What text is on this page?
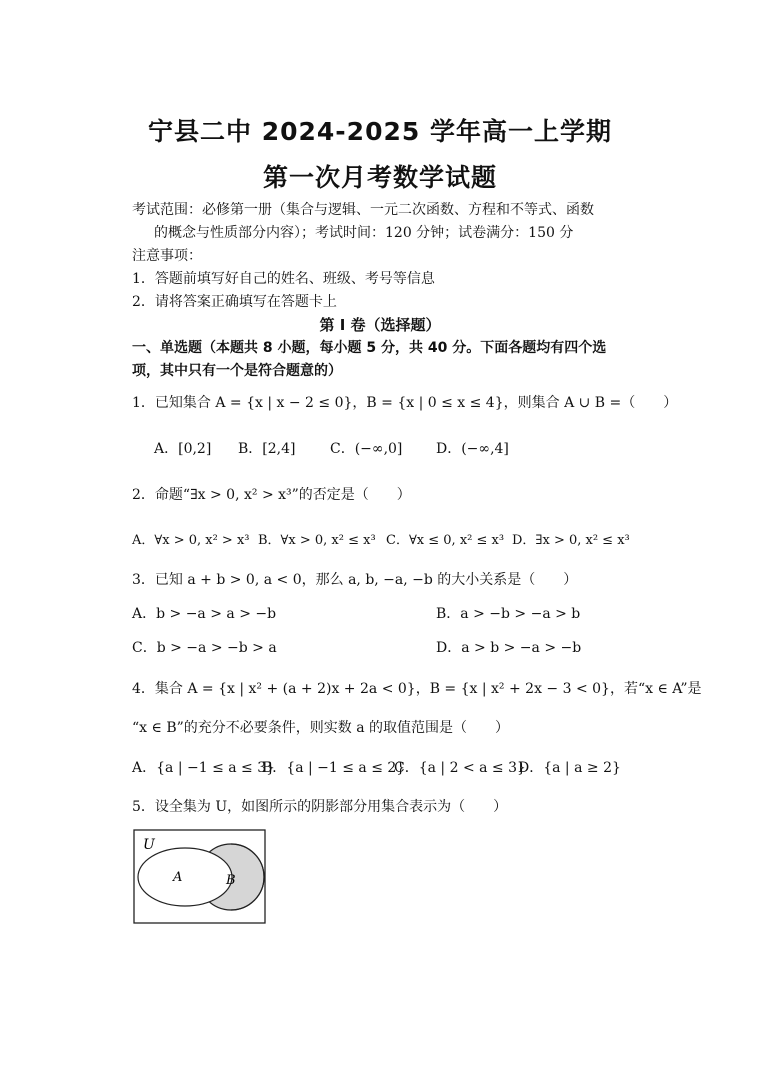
宁县二中 2024-2025 学年高一上学期
第一次月考数学试题
考试范围：必修第一册（集合与逻辑、一元二次函数、方程和不等式、函数
的概念与性质部分内容）；考试时间：120 分钟；试卷满分：150 分
注意事项：
1．答题前填写好自己的姓名、班级、考号等信息
2．请将答案正确填写在答题卡上
第 I 卷（选择题）
一、单选题（本题共 8 小题，每小题 5 分，共 40 分。下面各题均有四个选
项，其中只有一个是符合题意的）
1．已知集合 A = {x | x − 2 ≤ 0}，B = {x | 0 ≤ x ≤ 4}，则集合 A ∪ B =（　　）
A．[0,2] B．[2,4] C．(−∞,0] D．(−∞,4]
2．命题“∃x > 0, x² > x³”的否定是（　　）
A．∀x > 0, x² > x³ B．∀x > 0, x² ≤ x³ C．∀x ≤ 0, x² ≤ x³ D．∃x > 0, x² ≤ x³
3．已知 a + b > 0, a < 0，那么 a, b, −a, −b 的大小关系是（　　）
A．b > −a > a > −b	B．a > −b > −a > b
C．b > −a > −b > a	D．a > b > −a > −b
4．集合 A = {x | x² + (a + 2)x + 2a < 0}，B = {x | x² + 2x − 3 < 0}，若“x ∈ A”是
“x ∈ B”的充分不必要条件，则实数 a 的取值范围是（　　）
A．{a | −1 ≤ a ≤ 3}
B．{a | −1 ≤ a ≤ 2}
C．{a | 2 < a ≤ 3}
D．{a | a ≥ 2}
5．设全集为 U，如图所示的阴影部分用集合表示为（　　）
U
A	B
